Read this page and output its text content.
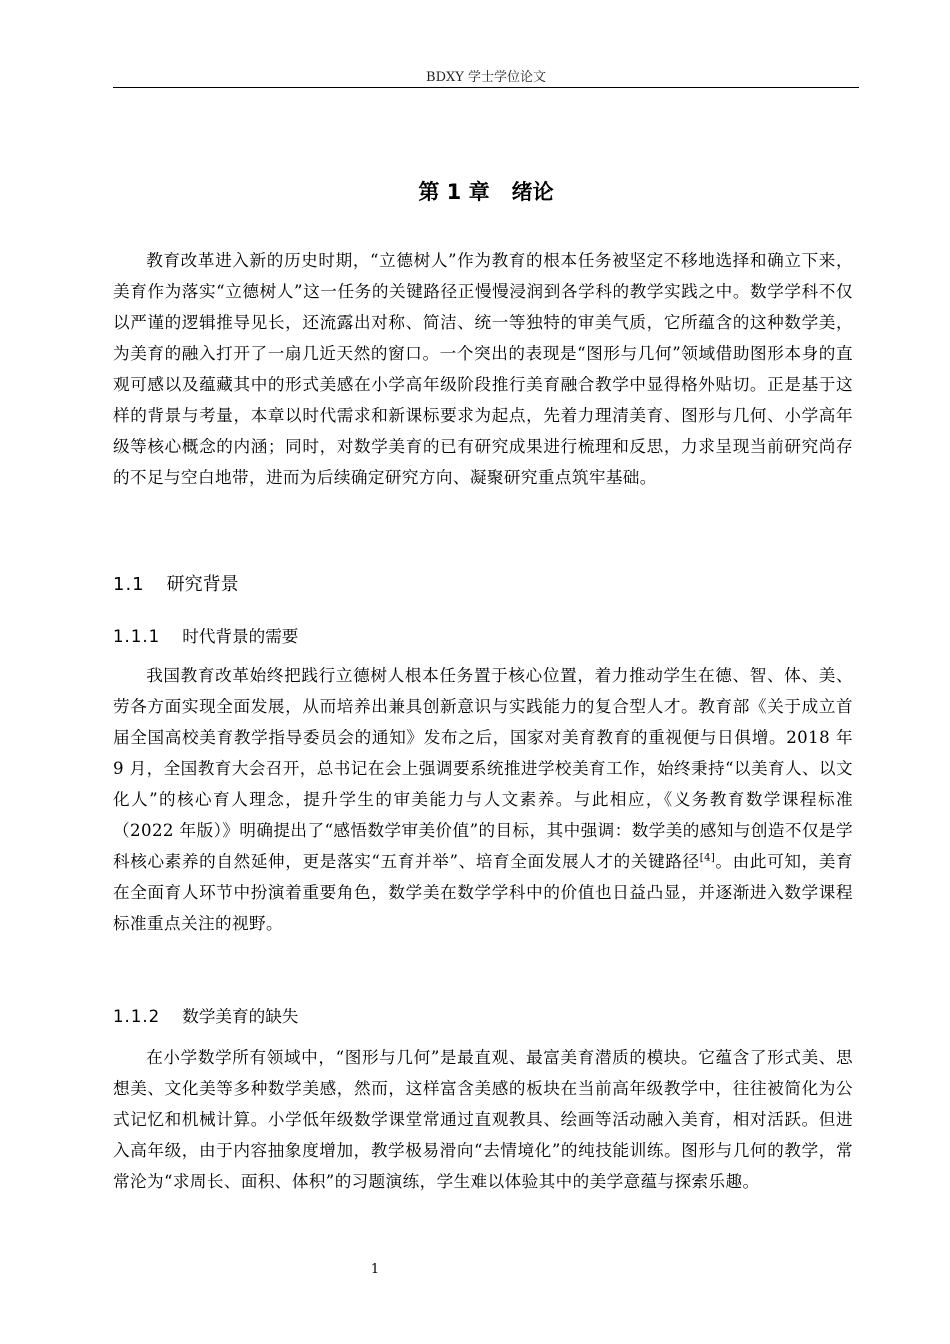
BDXY 学士学位论文
第 1 章 绪论

教育改革进入新的历史时期，“立德树人”作为教育的根本任务被坚定不移地选择和确立下来，美育作为落实“立德树人”这一任务的关键路径正慢慢浸润到各学科的教学实践之中。数学学科不仅以严谨的逻辑推导见长，还流露出对称、简洁、统一等独特的审美气质，它所蕴含的这种数学美，为美育的融入打开了一扇几近天然的窗口。一个突出的表现是“图形与几何”领域借助图形本身的直观可感以及蕴藏其中的形式美感在小学高年级阶段推行美育融合教学中显得格外贴切。正是基于这样的背景与考量，本章以时代需求和新课标要求为起点，先着力理清美育、图形与几何、小学高年级等核心概念的内涵；同时，对数学美育的已有研究成果进行梳理和反思，力求呈现当前研究尚存的不足与空白地带，进而为后续确定研究方向、凝聚研究重点筑牢基础。

1.1 研究背景
1.1.1 时代背景的需要

我国教育改革始终把践行立德树人根本任务置于核心位置，着力推动学生在德、智、体、美、劳各方面实现全面发展，从而培养出兼具创新意识与实践能力的复合型人才。教育部《关于成立首届全国高校美育教学指导委员会的通知》发布之后，国家对美育教育的重视便与日俱增。2018 年 9 月，全国教育大会召开，总书记在会上强调要系统推进学校美育工作，始终秉持“以美育人、以文化人”的核心育人理念，提升学生的审美能力与人文素养。与此相应，《义务教育数学课程标准（2022 年版）》明确提出了“感悟数学审美价值”的目标，其中强调：数学美的感知与创造不仅是学科核心素养的自然延伸，更是落实“五育并举”、培育全面发展人才的关键路径[4]。由此可知，美育在全面育人环节中扮演着重要角色，数学美在数学学科中的价值也日益凸显，并逐渐进入数学课程标准重点关注的视野。

1.1.2 数学美育的缺失

在小学数学所有领域中，“图形与几何”是最直观、最富美育潜质的模块。它蕴含了形式美、思想美、文化美等多种数学美感，然而，这样富含美感的板块在当前高年级教学中，往往被简化为公式记忆和机械计算。小学低年级数学课堂常通过直观教具、绘画等活动融入美育，相对活跃。但进入高年级，由于内容抽象度增加，教学极易滑向“去情境化”的纯技能训练。图形与几何的教学，常常沦为“求周长、面积、体积”的习题演练，学生难以体验其中的美学意蕴与探索乐趣。

1
